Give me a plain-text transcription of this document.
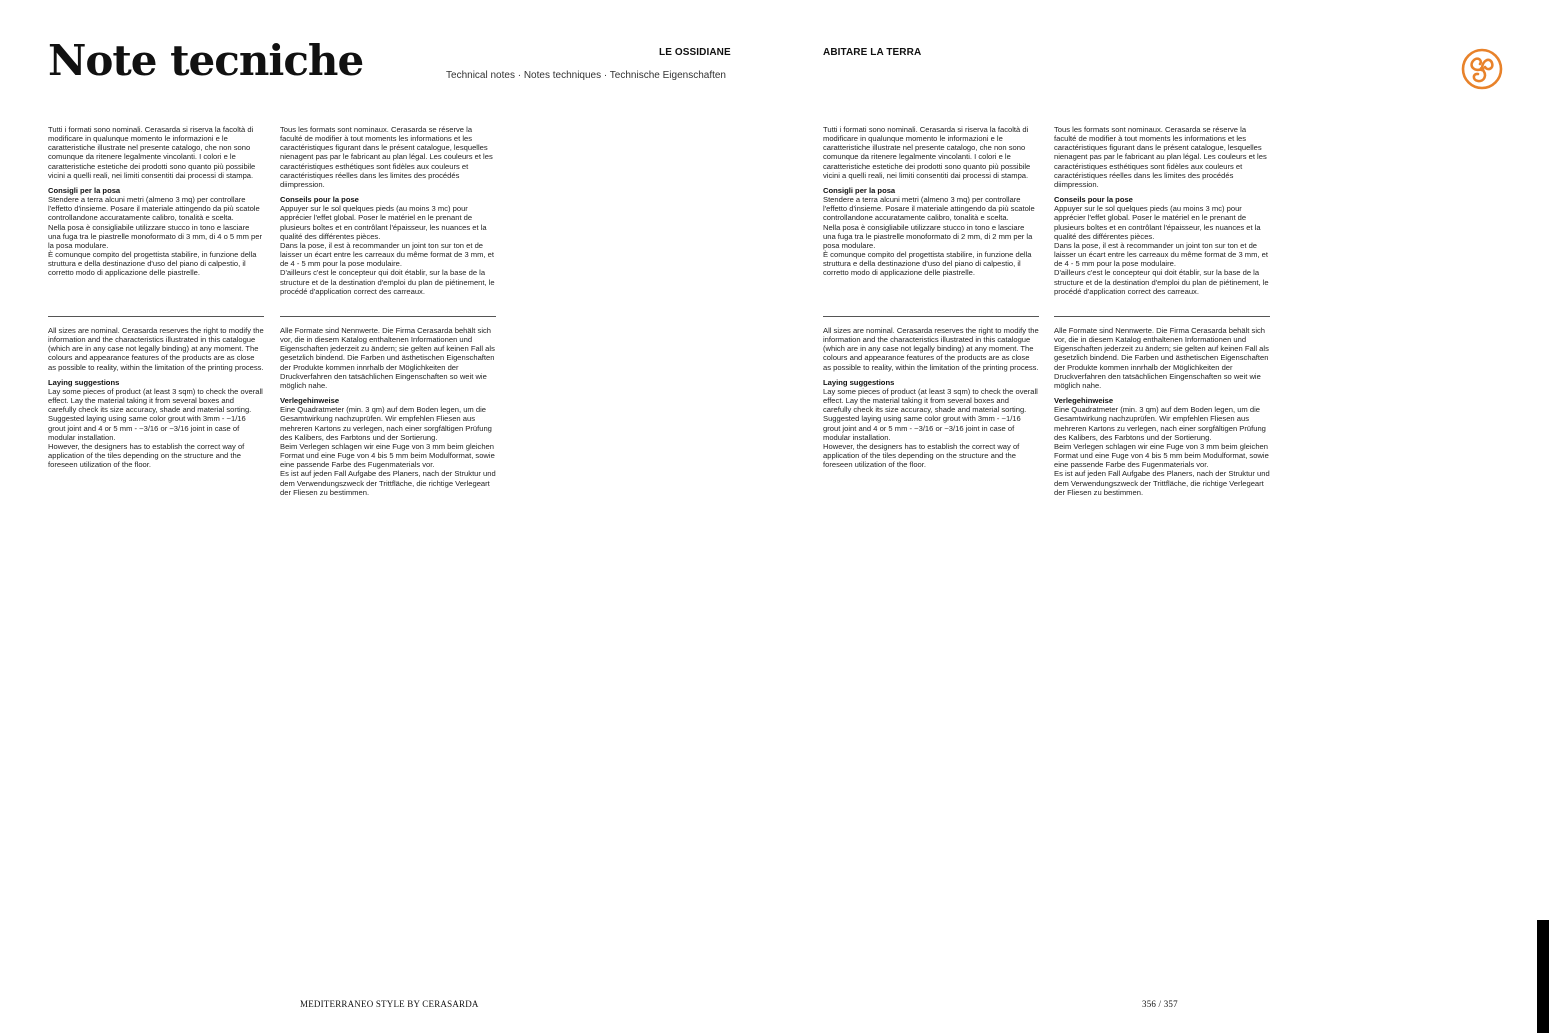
Note tecniche	LE OSSIDIANE	ABITARE LA TERRA
Technical notes · Notes techniques · Technische Eigenschaften

Tutti i formati sono nominali. Cerasarda si riserva la facoltà di modificare in qualunque momento le informazioni e le caratteristiche illustrate nel presente catalogo, che non sono comunque da ritenere legalmente vincolanti. I colori e le caratteristiche estetiche dei prodotti sono quanto più possibile vicini a quelli reali, nei limiti consentiti dai processi di stampa.

Consigli per la posa

Stendere a terra alcuni metri (almeno 3 mq) per controllare l'effetto d'insieme. Posare il materiale attingendo da più scatole controllandone accuratamente calibro, tonalità e scelta.

Nella posa è consigliabile utilizzare stucco in tono e lasciare una fuga tra le piastrelle monoformato di 3 mm, di 4 o 5 mm per la posa modulare.

È comunque compito del progettista stabilire, in funzione della struttura e della destinazione d'uso del piano di calpestio, il corretto modo di applicazione delle piastrelle.

Tous les formats sont nominaux. Cerasarda se réserve la faculté de modifier à tout moments les informations et les caractéristiques figurant dans le présent catalogue, lesquelles nienagent pas par le fabricant au plan légal. Les couleurs et les caractéristiques esthétiques sont fidèles aux couleurs et caractéristiques réelles dans les limites des procédés diimpression.

Conseils pour la pose

Appuyer sur le sol quelques pieds (au moins 3 mc) pour apprécier l'effet global. Poser le matériel en le prenant de plusieurs boîtes et en contrôlant l'épaisseur, les nuances et la qualité des différentes pièces.

Dans la pose, il est à recommander un joint ton sur ton et de laisser un écart entre les carreaux du même format de 3 mm, et de 4 - 5 mm pour la pose modulaire.

D'ailleurs c'est le concepteur qui doit établir, sur la base de la structure et de la destination d'emploi du plan de piétinement, le procédé d'application correct des carreaux.

All sizes are nominal. Cerasarda reserves the right to modify the information and the characteristics illustrated in this catalogue (which are in any case not legally binding) at any moment. The colours and appearance features of the products are as close as possible to reality, within the limitation of the printing process.

Laying suggestions

Lay some pieces of product (at least 3 sqm) to check the overall effect. Lay the material taking it from several boxes and carefully check its size accuracy, shade and material sorting.

Suggested laying using same color grout with 3mm - ~1/16 grout joint and 4 or 5 mm - ~3/16 or ~3/16 joint in case of modular installation.

However, the designers has to establish the correct way of application of the tiles depending on the structure and the foreseen utilization of the floor.

Alle Formate sind Nennwerte. Die Firma Cerasarda behält sich vor, die in diesem Katalog enthaltenen Informationen und Eigenschaften jederzeit zu ändern; sie gelten auf keinen Fall als gesetzlich bindend. Die Farben und ästhetischen Eigenschaften der Produkte kommen innrhalb der Möglichkeiten der Druckverfahren den tatsächlichen Eingenschaften so weit wie möglich nahe.

Verlegehinweise

Eine Quadratmeter (min. 3 qm) auf dem Boden legen, um die Gesamtwirkung nachzuprüfen. Wir empfehlen Fliesen aus mehreren Kartons zu verlegen, nach einer sorgfältigen Prüfung des Kalibers, des Farbtons und der Sortierung.

Beim Verlegen schlagen wir eine Fuge von 3 mm beim gleichen Format und eine Fuge von 4 bis 5 mm beim Modulformat, sowie eine passende Farbe des Fugenmaterials vor.

Es ist auf jeden Fall Aufgabe des Planers, nach der Struktur und dem Verwendungszweck der Trittfläche, die richtige Verlegeart der Fliesen zu bestimmen.

Tutti i formati sono nominali. Cerasarda si riserva la facoltà di modificare in qualunque momento le informazioni e le caratteristiche illustrate nel presente catalogo, che non sono comunque da ritenere legalmente vincolanti. I colori e le caratteristiche estetiche dei prodotti sono quanto più possibile vicini a quelli reali, nei limiti consentiti dai processi di stampa.

Consigli per la posa

Stendere a terra alcuni metri (almeno 3 mq) per controllare l'effetto d'insieme. Posare il materiale attingendo da più scatole controllandone accuratamente calibro, tonalità e scelta.

Nella posa è consigliabile utilizzare stucco in tono e lasciare una fuga tra le piastrelle monoformato di 2 mm, di 2 mm per la posa modulare.

È comunque compito del progettista stabilire, in funzione della struttura e della destinazione d'uso del piano di calpestio, il corretto modo di applicazione delle piastrelle.

Tous les formats sont nominaux. Cerasarda se réserve la faculté de modifier à tout moments les informations et les caractéristiques figurant dans le présent catalogue, lesquelles nienagent pas par le fabricant au plan légal. Les couleurs et les caractéristiques esthétiques sont fidèles aux couleurs et caractéristiques réelles dans les limites des procédés diimpression.

Conseils pour la pose

Appuyer sur le sol quelques pieds (au moins 3 mc) pour apprécier l'effet global. Poser le matériel en le prenant de plusieurs boîtes et en contrôlant l'épaisseur, les nuances et la qualité des différentes pièces.

Dans la pose, il est à recommander un joint ton sur ton et de laisser un écart entre les carreaux du même format de 3 mm, et de 4 - 5 mm pour la pose modulaire.

D'ailleurs c'est le concepteur qui doit établir, sur la base de la structure et de la destination d'emploi du plan de piétinement, le procédé d'application correct des carreaux.

All sizes are nominal. Cerasarda reserves the right to modify the information and the characteristics illustrated in this catalogue (which are in any case not legally binding) at any moment. The colours and appearance features of the products are as close as possible to reality, within the limitation of the printing process.

Laying suggestions

Lay some pieces of product (at least 3 sqm) to check the overall effect. Lay the material taking it from several boxes and carefully check its size accuracy, shade and material sorting.

Suggested laying using same color grout with 3mm - ~1/16 grout joint and 4 or 5 mm - ~3/16 or ~3/16 joint in case of modular installation.

However, the designers has to establish the correct way of application of the tiles depending on the structure and the foreseen utilization of the floor.

Alle Formate sind Nennwerte. Die Firma Cerasarda behält sich vor, die in diesem Katalog enthaltenen Informationen und Eigenschaften jederzeit zu ändern; sie gelten auf keinen Fall als gesetzlich bindend. Die Farben und ästhetischen Eigenschaften der Produkte kommen innrhalb der Möglichkeiten der Druckverfahren den tatsächlichen Eingenschaften so weit wie möglich nahe.

Verlegehinweise

Eine Quadratmeter (min. 3 qm) auf dem Boden legen, um die Gesamtwirkung nachzuprüfen. Wir empfehlen Fliesen aus mehreren Kartons zu verlegen, nach einer sorgfältigen Prüfung des Kalibers, des Farbtons und der Sortierung.

Beim Verlegen schlagen wir eine Fuge von 3 mm beim gleichen Format und eine Fuge von 4 bis 5 mm beim Modulformat, sowie eine passende Farbe des Fugenmaterials vor.

Es ist auf jeden Fall Aufgabe des Planers, nach der Struktur und dem Verwendungszweck der Trittfläche, die richtige Verlegeart der Fliesen zu bestimmen.

MEDITERRANEO STYLE BY CERASARDA	356 / 357
